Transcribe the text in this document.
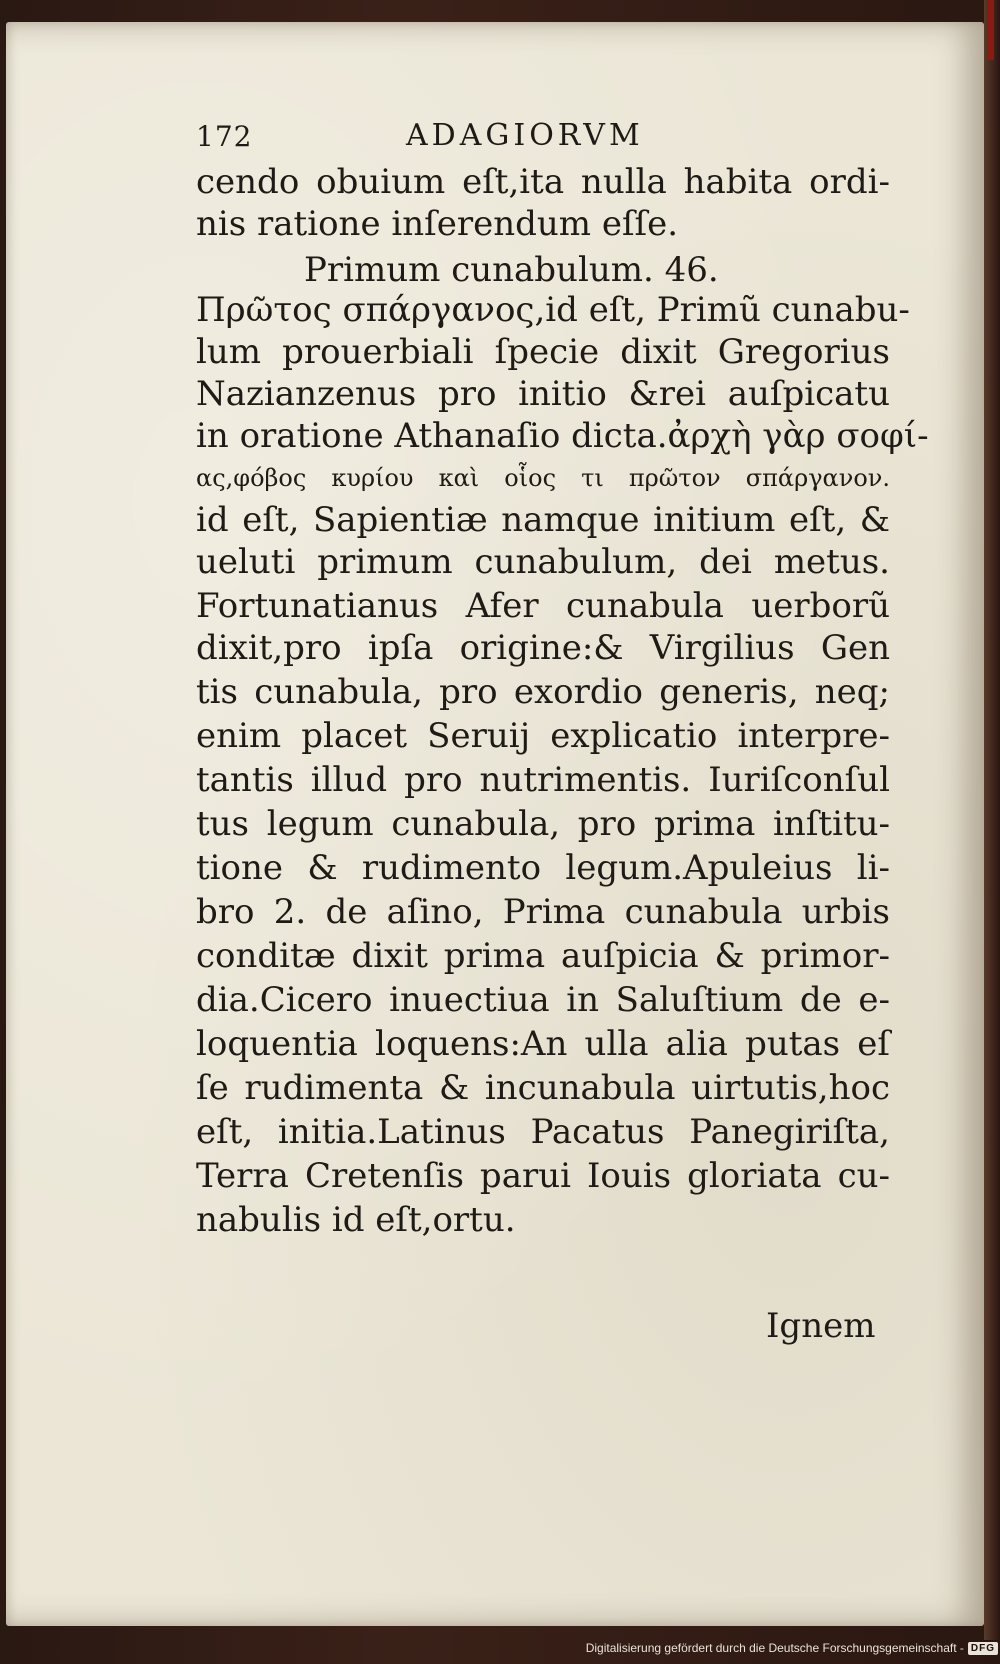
172	ADAGIORVM
cendo obuium eſt,ita nulla habita ordi-
nis ratione inſerendum eſſe.
Primum cunabulum. 46.
Πρῶτος σπάργανος,id eſt, Primũ cunabu-
lum prouerbiali ſpecie dixit Gregorius
Nazianzenus pro initio &rei auſpicatu
in oratione Athanaſio dicta.ἀρχὴ γὰρ σοφί-
ας,φόβος κυρίου καὶ οἷος τι πρῶτον σπάργανον.
id eſt, Sapientiæ namque initium eſt, &
ueluti primum cunabulum, dei metus.
Fortunatianus Afer cunabula uerborũ
dixit,pro ipſa origine:& Virgilius Gen
tis cunabula, pro exordio generis, neq;
enim placet Seruij explicatio interpre-
tantis illud pro nutrimentis. Iuriſconſul
tus legum cunabula, pro prima inſtitu-
tione & rudimento legum.Apuleius li-
bro 2. de aſino, Prima cunabula urbis
conditæ dixit prima auſpicia & primor-
dia.Cicero inuectiua in Saluſtium de e-
loquentia loquens:An ulla alia putas eſ
ſe rudimenta & incunabula uirtutis,hoc
eſt, initia.Latinus Pacatus Panegiriſta,
Terra Cretenſis parui Iouis gloriata cu-
nabulis id eſt,ortu.
Ignem
Digitalisierung gefördert durch die Deutsche Forschungsgemeinschaft - DFG
